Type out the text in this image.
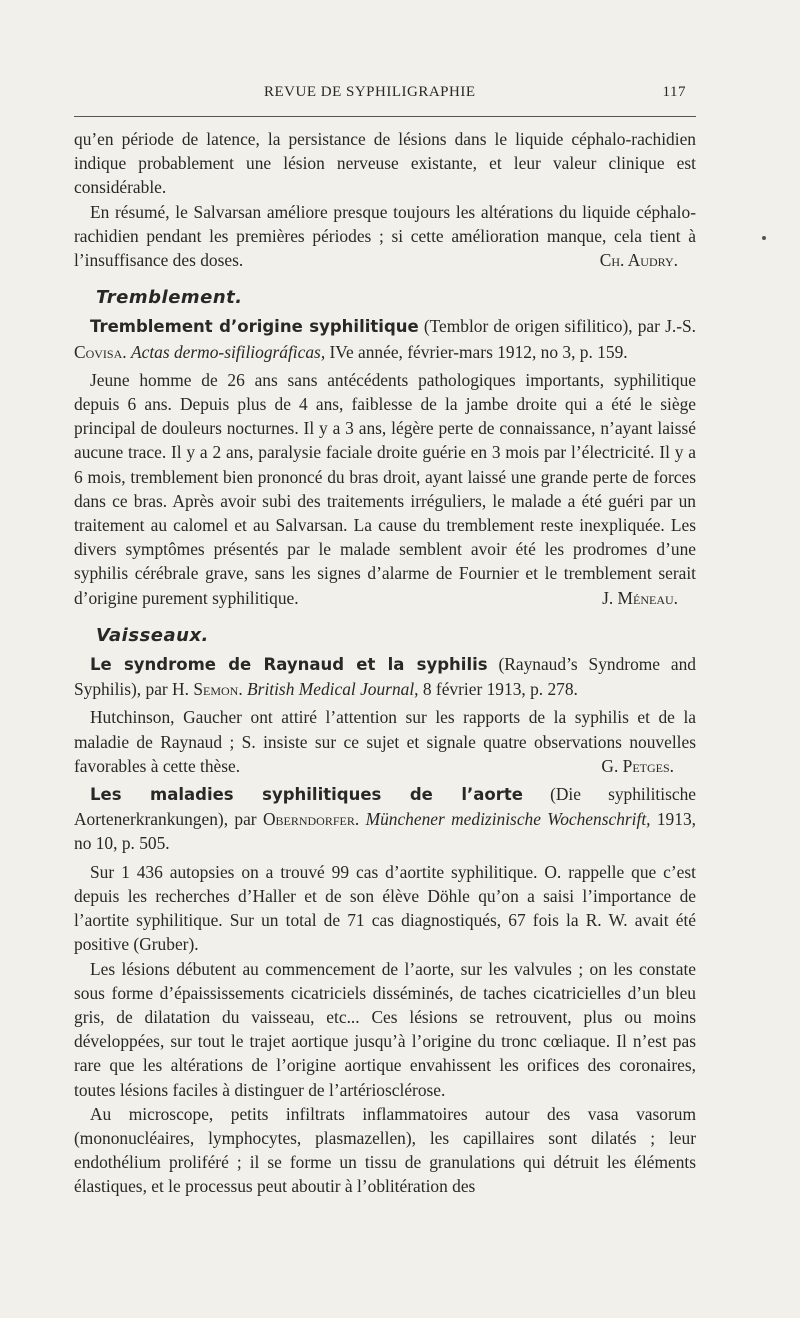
REVUE DE SYPHILIGRAPHIE	117

qu’en période de latence, la persistance de lésions dans le liquide céphalo-rachidien indique probablement une lésion nerveuse existante, et leur valeur clinique est considérable.

En résumé, le Salvarsan améliore presque toujours les altérations du liquide céphalo-rachidien pendant les premières périodes ; si cette amélioration manque, cela tient à l’insuffisance des doses.	Ch. Audry.

Tremblement.

Tremblement d’origine syphilitique (Temblor de origen sifilitico), par J.-S. Covisa. Actas dermo-sifiliográficas, IVe année, février-mars 1912, no 3, p. 159.

Jeune homme de 26 ans sans antécédents pathologiques importants, syphilitique depuis 6 ans. Depuis plus de 4 ans, faiblesse de la jambe droite qui a été le siège principal de douleurs nocturnes. Il y a 3 ans, légère perte de connaissance, n’ayant laissé aucune trace. Il y a 2 ans, paralysie faciale droite guérie en 3 mois par l’électricité. Il y a 6 mois, tremblement bien prononcé du bras droit, ayant laissé une grande perte de forces dans ce bras. Après avoir subi des traitements irréguliers, le malade a été guéri par un traitement au calomel et au Salvarsan. La cause du tremblement reste inexpliquée. Les divers symptômes présentés par le malade semblent avoir été les prodromes d’une syphilis cérébrale grave, sans les signes d’alarme de Fournier et le tremblement serait d’origine purement syphilitique.	J. Méneau.

Vaisseaux.

Le syndrome de Raynaud et la syphilis (Raynaud’s Syndrome and Syphilis), par H. Semon. British Medical Journal, 8 février 1913, p. 278.

Hutchinson, Gaucher ont attiré l’attention sur les rapports de la syphilis et de la maladie de Raynaud ; S. insiste sur ce sujet et signale quatre observations nouvelles favorables à cette thèse.	G. Petges.

Les maladies syphilitiques de l’aorte (Die syphilitische Aortenerkrankungen), par Oberndorfer. Münchener medizinische Wochenschrift, 1913, no 10, p. 505.

Sur 1 436 autopsies on a trouvé 99 cas d’aortite syphilitique. O. rappelle que c’est depuis les recherches d’Haller et de son élève Döhle qu’on a saisi l’importance de l’aortite syphilitique. Sur un total de 71 cas diagnostiqués, 67 fois la R. W. avait été positive (Gruber).

Les lésions débutent au commencement de l’aorte, sur les valvules ; on les constate sous forme d’épaississements cicatriciels disséminés, de taches cicatricielles d’un bleu gris, de dilatation du vaisseau, etc... Ces lésions se retrouvent, plus ou moins développées, sur tout le trajet aortique jusqu’à l’origine du tronc cœliaque. Il n’est pas rare que les altérations de l’origine aortique envahissent les orifices des coronaires, toutes lésions faciles à distinguer de l’artériosclérose.

Au microscope, petits infiltrats inflammatoires autour des vasa vasorum (mononucléaires, lymphocytes, plasmazellen), les capillaires sont dilatés ; leur endothélium proliféré ; il se forme un tissu de granulations qui détruit les éléments élastiques, et le processus peut aboutir à l’oblitération des
